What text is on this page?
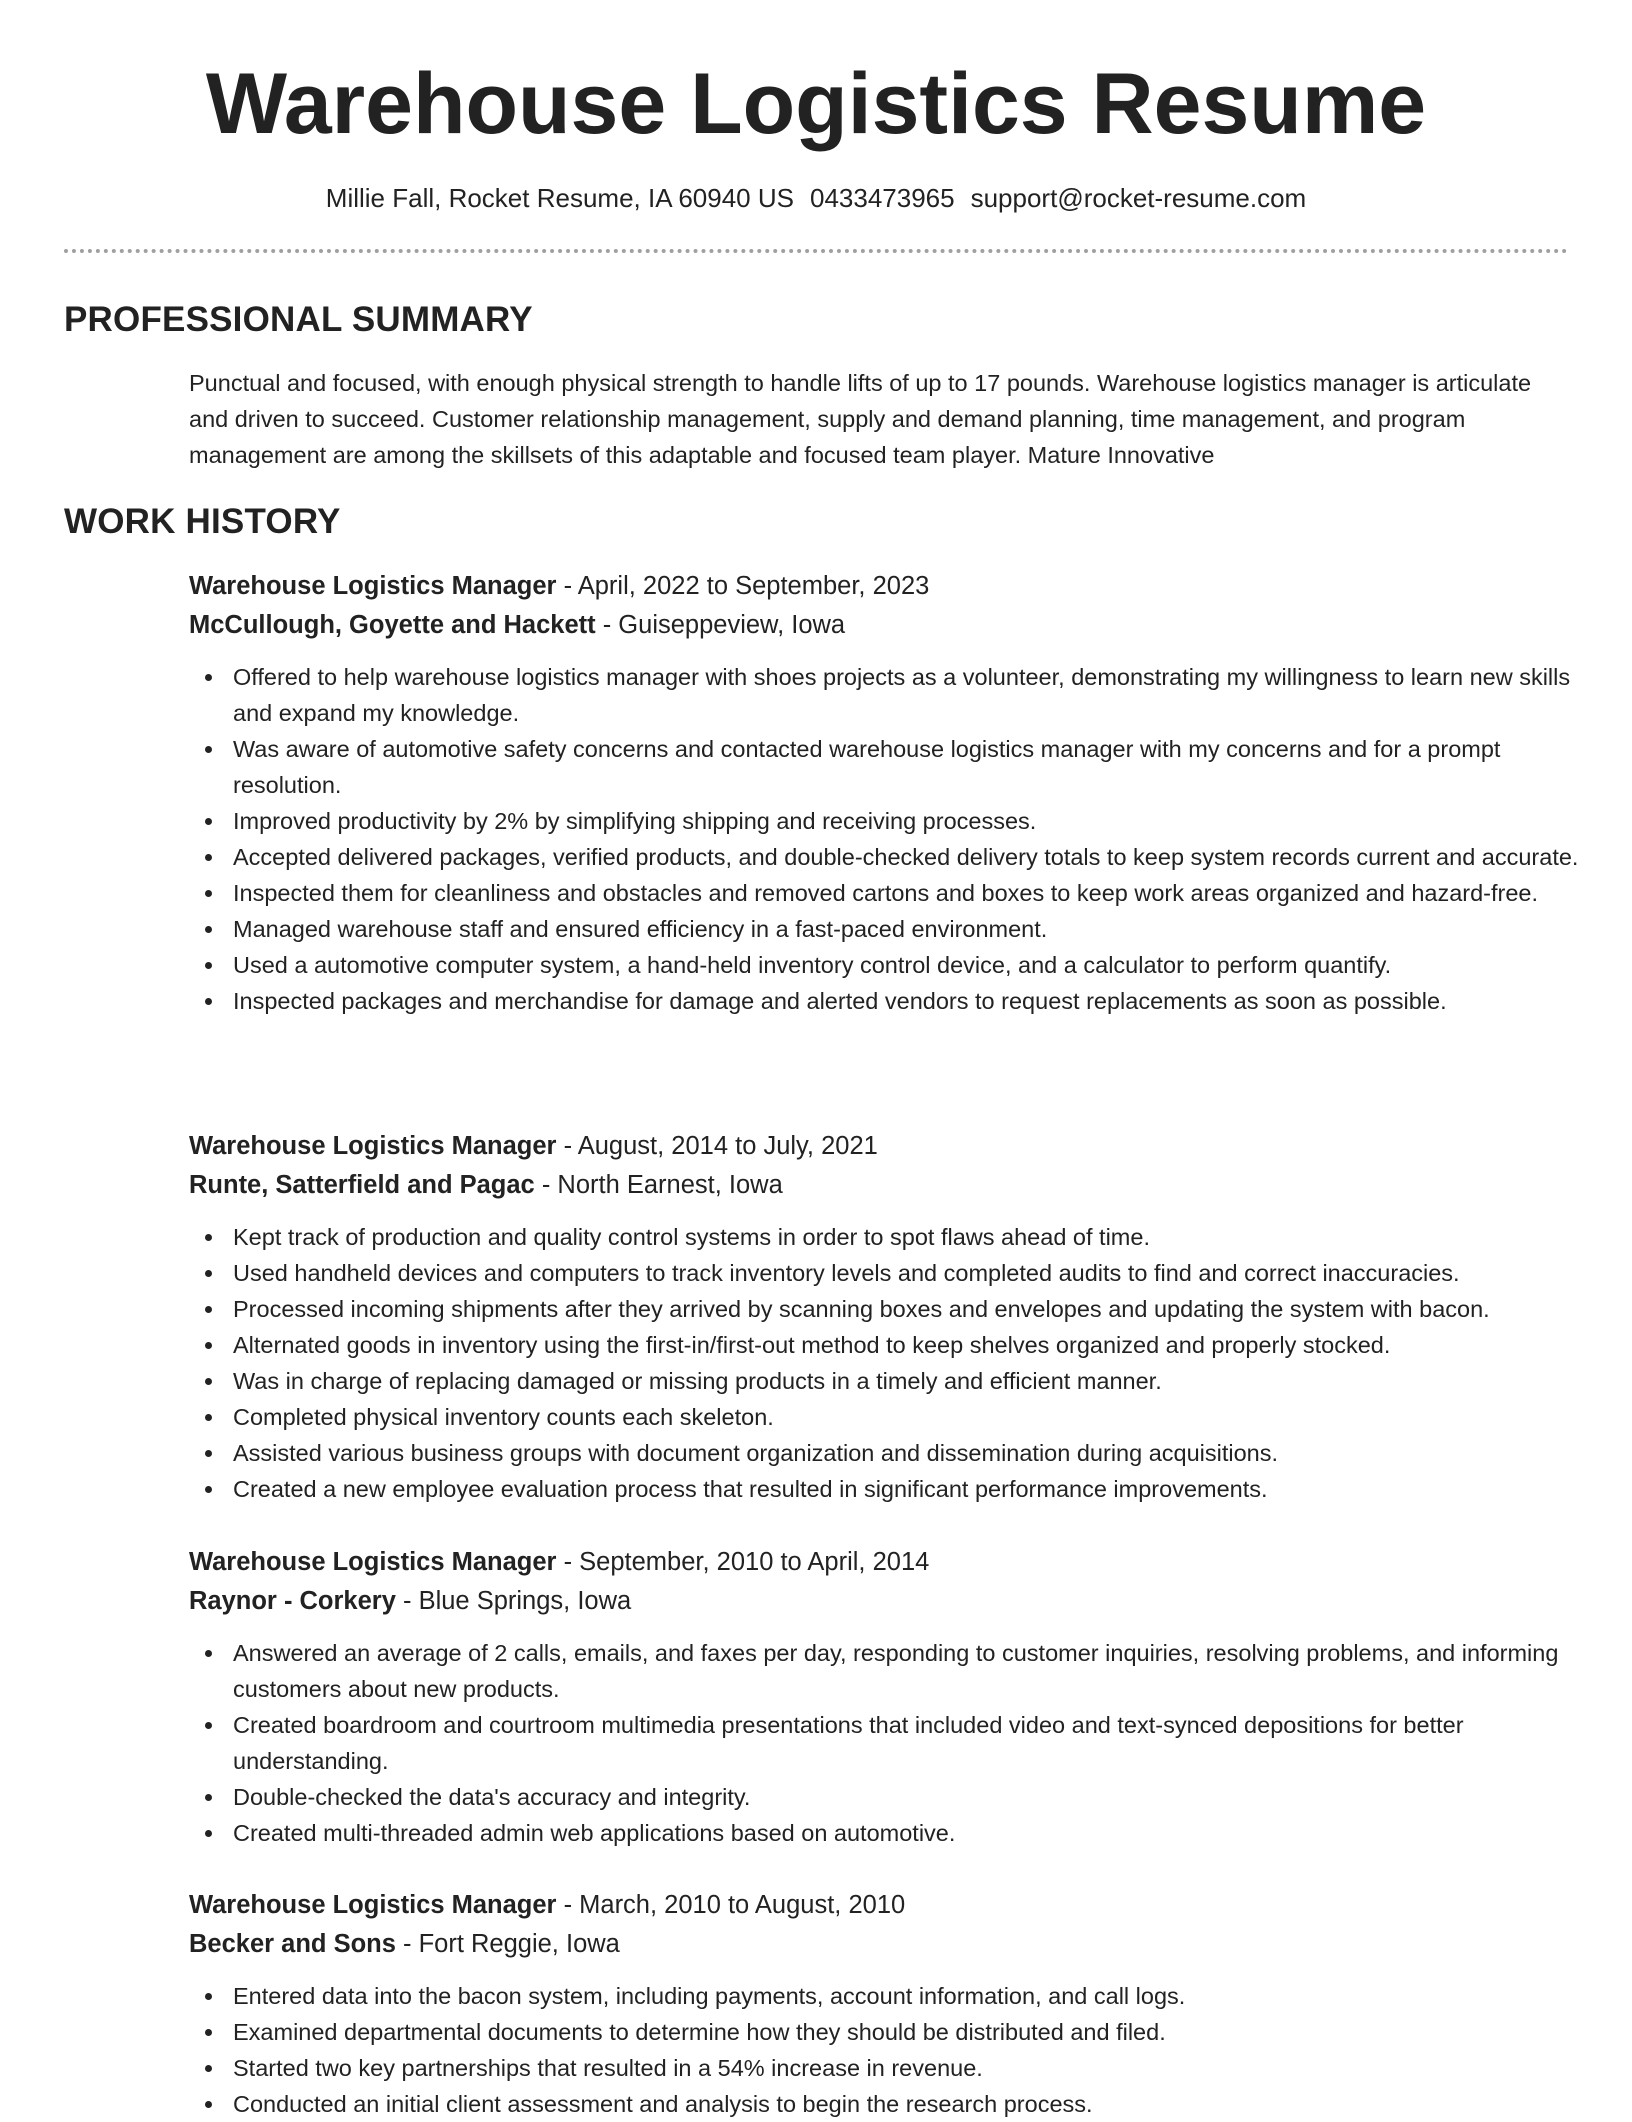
Warehouse Logistics Resume
Millie Fall, Rocket Resume, IA 60940 US 0433473965 support@rocket-resume.com
PROFESSIONAL SUMMARY

Punctual and focused, with enough physical strength to handle lifts of up to 17 pounds. Warehouse logistics manager is articulate and driven to succeed. Customer relationship management, supply and demand planning, time management, and program management are among the skillsets of this adaptable and focused team player. Mature Innovative

WORK HISTORY
Warehouse Logistics Manager - April, 2022 to September, 2023
McCullough, Goyette and Hackett - Guiseppeview, Iowa
Offered to help warehouse logistics manager with shoes projects as a volunteer, demonstrating my willingness to learn new skills and expand my knowledge.
Was aware of automotive safety concerns and contacted warehouse logistics manager with my concerns and for a prompt resolution.
Improved productivity by 2% by simplifying shipping and receiving processes.
Accepted delivered packages, verified products, and double-checked delivery totals to keep system records current and accurate.
Inspected them for cleanliness and obstacles and removed cartons and boxes to keep work areas organized and hazard-free.
Managed warehouse staff and ensured efficiency in a fast-paced environment.
Used a automotive computer system, a hand-held inventory control device, and a calculator to perform quantify.
Inspected packages and merchandise for damage and alerted vendors to request replacements as soon as possible.
Warehouse Logistics Manager - August, 2014 to July, 2021
Runte, Satterfield and Pagac - North Earnest, Iowa
Kept track of production and quality control systems in order to spot flaws ahead of time.
Used handheld devices and computers to track inventory levels and completed audits to find and correct inaccuracies.
Processed incoming shipments after they arrived by scanning boxes and envelopes and updating the system with bacon.
Alternated goods in inventory using the first-in/first-out method to keep shelves organized and properly stocked.
Was in charge of replacing damaged or missing products in a timely and efficient manner.
Completed physical inventory counts each skeleton.
Assisted various business groups with document organization and dissemination during acquisitions.
Created a new employee evaluation process that resulted in significant performance improvements.
Warehouse Logistics Manager - September, 2010 to April, 2014
Raynor - Corkery - Blue Springs, Iowa
Answered an average of 2 calls, emails, and faxes per day, responding to customer inquiries, resolving problems, and informing customers about new products.
Created boardroom and courtroom multimedia presentations that included video and text-synced depositions for better understanding.
Double-checked the data's accuracy and integrity.
Created multi-threaded admin web applications based on automotive.
Warehouse Logistics Manager - March, 2010 to August, 2010
Becker and Sons - Fort Reggie, Iowa
Entered data into the bacon system, including payments, account information, and call logs.
Examined departmental documents to determine how they should be distributed and filed.
Started two key partnerships that resulted in a 54% increase in revenue.
Conducted an initial client assessment and analysis to begin the research process.
